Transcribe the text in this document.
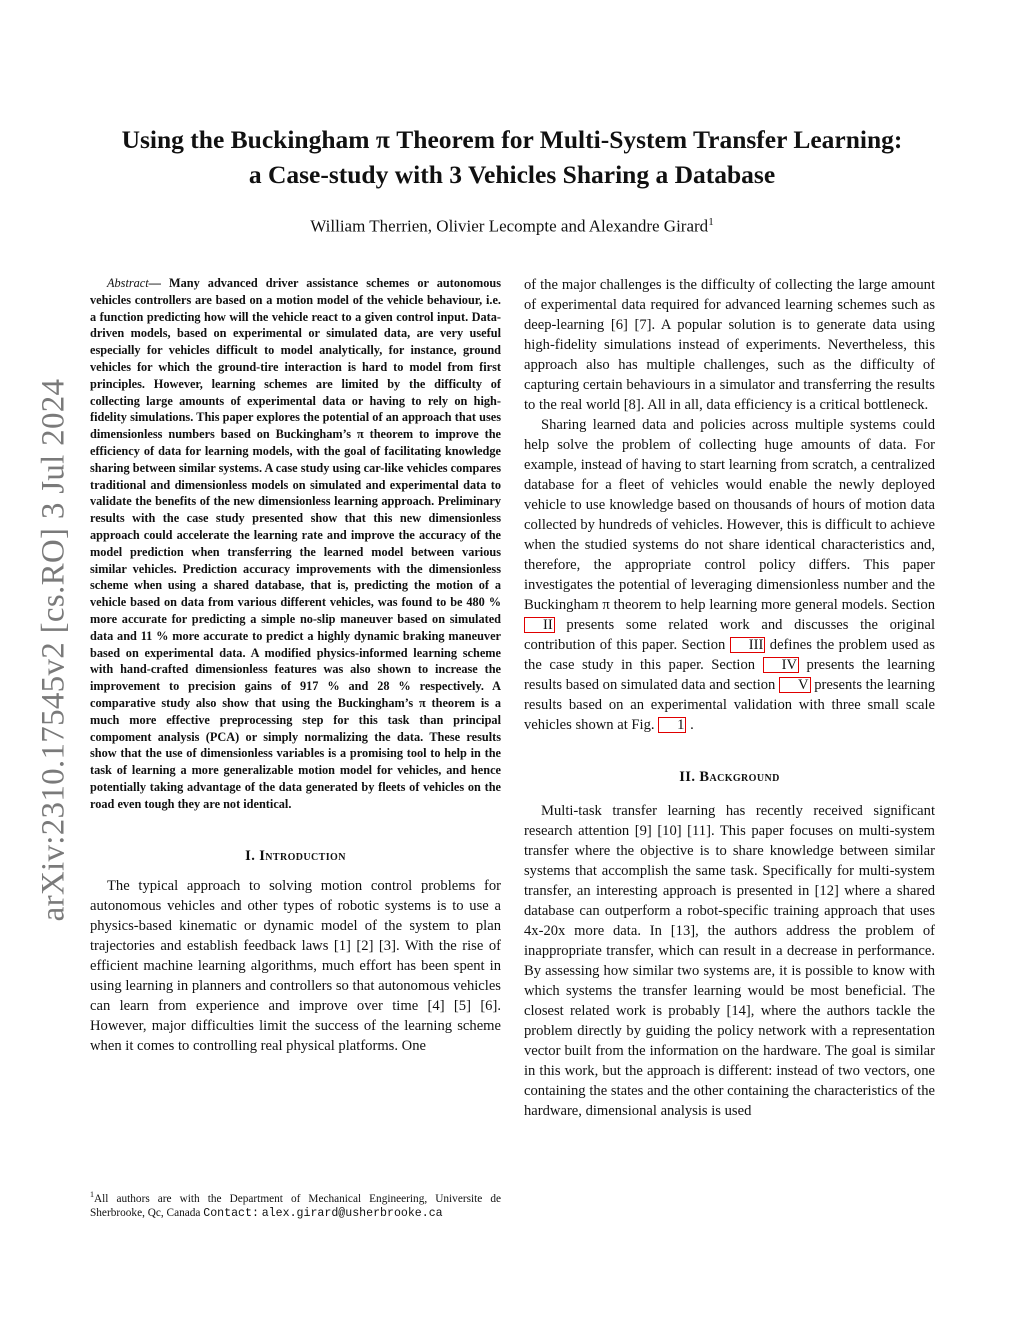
arXiv:2310.17545v2 [cs.RO] 3 Jul 2024
Using the Buckingham π Theorem for Multi-System Transfer Learning:
a Case-study with 3 Vehicles Sharing a Database
William Therrien, Olivier Lecompte and Alexandre Girard$^1$

Abstract— Many advanced driver assistance schemes or autonomous vehicles controllers are based on a motion model of the vehicle behaviour, i.e. a function predicting how will the vehicle react to a given control input. Data-driven models, based on experimental or simulated data, are very useful especially for vehicles difficult to model analytically, for instance, ground vehicles for which the ground-tire interaction is hard to model from first principles. However, learning schemes are limited by the difficulty of collecting large amounts of experimental data or having to rely on high-fidelity simulations. This paper explores the potential of an approach that uses dimensionless numbers based on Buckingham’s π theorem to improve the efficiency of data for learning models, with the goal of facilitating knowledge sharing between similar systems. A case study using car-like vehicles compares traditional and dimensionless models on simulated and experimental data to validate the benefits of the new dimensionless learning approach. Preliminary results with the case study presented show that this new dimensionless approach could accelerate the learning rate and improve the accuracy of the model prediction when transferring the learned model between various similar vehicles. Prediction accuracy improvements with the dimensionless scheme when using a shared database, that is, predicting the motion of a vehicle based on data from various different vehicles, was found to be 480 % more accurate for predicting a simple no-slip maneuver based on simulated data and 11 % more accurate to predict a highly dynamic braking maneuver based on experimental data. A modified physics-informed learning scheme with hand-crafted dimensionless features was also shown to increase the improvement to precision gains of 917 % and 28 % respectively. A comparative study also show that using the Buckingham’s π theorem is a much more effective preprocessing step for this task than principal compoment analysis (PCA) or simply normalizing the data. These results show that the use of dimensionless variables is a promising tool to help in the task of learning a more generalizable motion model for vehicles, and hence potentially taking advantage of the data generated by fleets of vehicles on the road even tough they are not identical.

I. Introduction

The typical approach to solving motion control problems for autonomous vehicles and other types of robotic systems is to use a physics-based kinematic or dynamic model of the system to plan trajectories and establish feedback laws [1] [2] [3]. With the rise of efficient machine learning algorithms, much effort has been spent in using learning in planners and controllers so that autonomous vehicles can learn from experience and improve over time [4] [5] [6]. However, major difficulties limit the success of the learning scheme when it comes to controlling real physical platforms. One

$^1$All authors are with the Department of Mechanical Engineering, Universite de Sherbrooke, Qc, Canada Contact: alex.girard@usherbrooke.ca

of the major challenges is the difficulty of collecting the large amount of experimental data required for advanced learning schemes such as deep-learning [6] [7]. A popular solution is to generate data using high-fidelity simulations instead of experiments. Nevertheless, this approach also has multiple challenges, such as the difficulty of capturing certain behaviours in a simulator and transferring the results to the real world [8]. All in all, data efficiency is a critical bottleneck.

Sharing learned data and policies across multiple systems could help solve the problem of collecting huge amounts of data. For example, instead of having to start learning from scratch, a centralized database for a fleet of vehicles would enable the newly deployed vehicle to use knowledge based on thousands of hours of motion data collected by hundreds of vehicles. However, this is difficult to achieve when the studied systems do not share identical characteristics and, therefore, the appropriate control policy differs. This paper investigates the potential of leveraging dimensionless number and the Buckingham π theorem to help learning more general models. Section II presents some related work and discusses the original contribution of this paper. Section III defines the problem used as the case study in this paper. Section IV presents the learning results based on simulated data and section V presents the learning results based on an experimental validation with three small scale vehicles shown at Fig. 1 .

II. Background

Multi-task transfer learning has recently received significant research attention [9] [10] [11]. This paper focuses on multi-system transfer where the objective is to share knowledge between similar systems that accomplish the same task. Specifically for multi-system transfer, an interesting approach is presented in [12] where a shared database can outperform a robot-specific training approach that uses 4x-20x more data. In [13], the authors address the problem of inappropriate transfer, which can result in a decrease in performance. By assessing how similar two systems are, it is possible to know with which systems the transfer learning would be most beneficial. The closest related work is probably [14], where the authors tackle the problem directly by guiding the policy network with a representation vector built from the information on the hardware. The goal is similar in this work, but the approach is different: instead of two vectors, one containing the states and the other containing the characteristics of the hardware, dimensional analysis is used
